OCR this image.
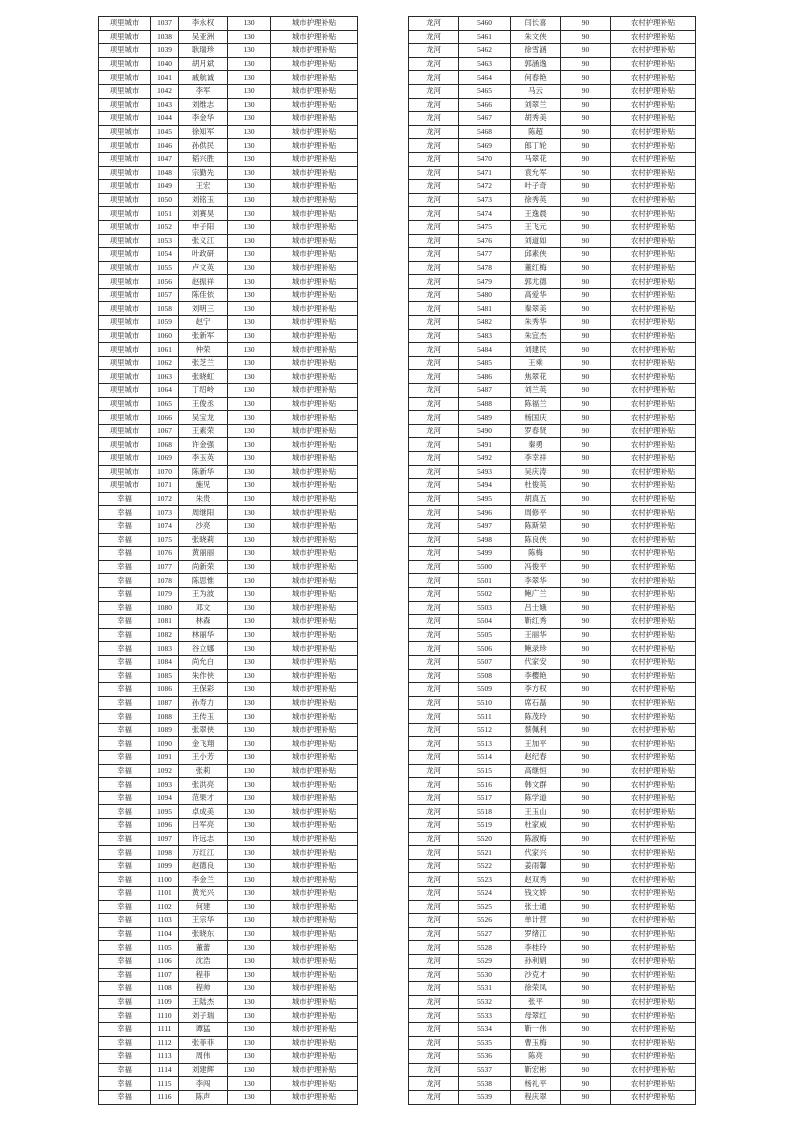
项里城市	1037	李永权	130	城市护理补贴
项里城市	1038	吴亚洲	130	城市护理补贴
项里城市	1039	耿瑞珍	130	城市护理补贴
项里城市	1040	胡月斌	130	城市护理补贴
项里城市	1041	戚航诚	130	城市护理补贴
项里城市	1042	李军	130	城市护理补贴
项里城市	1043	刘维志	130	城市护理补贴
项里城市	1044	李金华	130	城市护理补贴
项里城市	1045	徐知军	130	城市护理补贴
项里城市	1046	孙供民	130	城市护理补贴
项里城市	1047	韬兴胜	130	城市护理补贴
项里城市	1048	宗勤先	130	城市护理补贴
项里城市	1049	王宏	130	城市护理补贴
项里城市	1050	刘铭玉	130	城市护理补贴
项里城市	1051	刘赛昊	130	城市护理补贴
项里城市	1052	申子阳	130	城市护理补贴
项里城市	1053	张义江	130	城市护理补贴
项里城市	1054	叶政研	130	城市护理补贴
项里城市	1055	卢文英	130	城市护理补贴
项里城市	1056	赵振祥	130	城市护理补贴
项里城市	1057	陈佳依	130	城市护理补贴
项里城市	1058	刘明三	130	城市护理补贴
项里城市	1059	赵宁	130	城市护理补贴
项里城市	1060	张新军	130	城市护理补贴
项里城市	1061	仲荣	130	城市护理补贴
项里城市	1062	张芝兰	130	城市护理补贴
项里城市	1063	张晓虹	130	城市护理补贴
项里城市	1064	丁绍岭	130	城市护理补贴
项里城市	1065	王俊丞	130	城市护理补贴
项里城市	1066	吴宝龙	130	城市护理补贴
项里城市	1067	王素荣	130	城市护理补贴
项里城市	1068	许金强	130	城市护理补贴
项里城市	1069	李玉英	130	城市护理补贴
项里城市	1070	陈新华	130	城市护理补贴
项里城市	1071	施见	130	城市护理补贴
幸福	1072	朱贵	130	城市护理补贴
幸福	1073	周继阳	130	城市护理补贴
幸福	1074	沙亮	130	城市护理补贴
幸福	1075	张晓莉	130	城市护理补贴
幸福	1076	黄丽丽	130	城市护理补贴
幸福	1077	尚新荣	130	城市护理补贴
幸福	1078	陈思惟	130	城市护理补贴
幸福	1079	王为波	130	城市护理补贴
幸福	1080	邓文	130	城市护理补贴
幸福	1081	林森	130	城市护理补贴
幸福	1082	林丽华	130	城市护理补贴
幸福	1083	谷立娜	130	城市护理补贴
幸福	1084	尚允白	130	城市护理补贴
幸福	1085	朱作侠	130	城市护理补贴
幸福	1086	王保彩	130	城市护理补贴
幸福	1087	孙寿力	130	城市护理补贴
幸福	1088	王传玉	130	城市护理补贴
幸福	1089	张翠侠	130	城市护理补贴
幸福	1090	金飞翔	130	城市护理补贴
幸福	1091	王小芳	130	城市护理补贴
幸福	1092	张莉	130	城市护理补贴
幸福	1093	张洪亮	130	城市护理补贴
幸福	1094	范果才	130	城市护理补贴
幸福	1095	卓成美	130	城市护理补贴
幸福	1096	吕军亮	130	城市护理补贴
幸福	1097	许远志	130	城市护理补贴
幸福	1098	万红江	130	城市护理补贴
幸福	1099	赵德良	130	城市护理补贴
幸福	1100	李金兰	130	城市护理补贴
幸福	1101	黄光兴	130	城市护理补贴
幸福	1102	何建	130	城市护理补贴
幸福	1103	王宗华	130	城市护理补贴
幸福	1104	张晓东	130	城市护理补贴
幸福	1105	董蕾	130	城市护理补贴
幸福	1106	沈浩	130	城市护理补贴
幸福	1107	程菲	130	城市护理补贴
幸福	1108	程帅	130	城市护理补贴
幸福	1109	王陆杰	130	城市护理补贴
幸福	1110	刘子瑞	130	城市护理补贴
幸福	1111	谭猛	130	城市护理补贴
幸福	1112	张菲菲	130	城市护理补贴
幸福	1113	周伟	130	城市护理补贴
幸福	1114	刘建辉	130	城市护理补贴
幸福	1115	李闯	130	城市护理补贴
幸福	1116	陈声	130	城市护理补贴
龙河	5460	闫长喜	90	农村护理补贴
龙河	5461	朱文侠	90	农村护理补贴
龙河	5462	徐雪涵	90	农村护理补贴
龙河	5463	郭涵逸	90	农村护理补贴
龙河	5464	何春艳	90	农村护理补贴
龙河	5465	马云	90	农村护理补贴
龙河	5466	刘翠兰	90	农村护理补贴
龙河	5467	胡秀美	90	农村护理补贴
龙河	5468	陈超	90	农村护理补贴
龙河	5469	郎丁轮	90	农村护理补贴
龙河	5470	马翠花	90	农村护理补贴
龙河	5471	袁允军	90	农村护理补贴
龙河	5472	叶子奇	90	农村护理补贴
龙河	5473	徐秀英	90	农村护理补贴
龙河	5474	王逸晨	90	农村护理补贴
龙河	5475	王飞元	90	农村护理补贴
龙河	5476	刘道如	90	农村护理补贴
龙河	5477	邱素侠	90	农村护理补贴
龙河	5478	董红梅	90	农村护理补贴
龙河	5479	郭尤德	90	农村护理补贴
龙河	5480	高爱华	90	农村护理补贴
龙河	5481	秦翠美	90	农村护理补贴
龙河	5482	朱秀华	90	农村护理补贴
龙河	5483	朱宜杰	90	农村护理补贴
龙河	5484	刘建民	90	农村护理补贴
龙河	5485	王乘	90	农村护理补贴
龙河	5486	焦翠花	90	农村护理补贴
龙河	5487	刘兰英	90	农村护理补贴
龙河	5488	陈福兰	90	农村护理补贴
龙河	5489	杨国庆	90	农村护理补贴
龙河	5490	罗春贤	90	农村护理补贴
龙河	5491	秦勇	90	农村护理补贴
龙河	5492	李幸祥	90	农村护理补贴
龙河	5493	吴庆涛	90	农村护理补贴
龙河	5494	杜俊英	90	农村护理补贴
龙河	5495	胡真五	90	农村护理补贴
龙河	5496	周修平	90	农村护理补贴
龙河	5497	陈斯荣	90	农村护理补贴
龙河	5498	陈良侠	90	农村护理补贴
龙河	5499	陈梅	90	农村护理补贴
龙河	5500	冯俊平	90	农村护理补贴
龙河	5501	李翠华	90	农村护理补贴
龙河	5502	鲍广兰	90	农村护理补贴
龙河	5503	吕士娥	90	农村护理补贴
龙河	5504	靳红秀	90	农村护理补贴
龙河	5505	王丽华	90	农村护理补贴
龙河	5506	鲍录珍	90	农村护理补贴
龙河	5507	代家安	90	农村护理补贴
龙河	5508	李樱艳	90	农村护理补贴
龙河	5509	李方权	90	农村护理补贴
龙河	5510	席石磊	90	农村护理补贴
龙河	5511	陈茂玲	90	农村护理补贴
龙河	5512	蔡佩利	90	农村护理补贴
龙河	5513	王加平	90	农村护理补贴
龙河	5514	赵纪春	90	农村护理补贴
龙河	5515	高继恒	90	农村护理补贴
龙河	5516	韩文群	90	农村护理补贴
龙河	5517	陈学道	90	农村护理补贴
龙河	5518	王玉山	90	农村护理补贴
龙河	5519	杜家威	90	农村护理补贴
龙河	5520	陈淑梅	90	农村护理补贴
龙河	5521	代家兴	90	农村护理补贴
龙河	5522	姜雨馨	90	农村护理补贴
龙河	5523	赵双秀	90	农村护理补贴
龙河	5524	钱文娇	90	农村护理补贴
龙河	5525	张士通	90	农村护理补贴
龙河	5526	单计营	90	农村护理补贴
龙河	5527	罗绪江	90	农村护理补贴
龙河	5528	李桂玲	90	农村护理补贴
龙河	5529	孙利娟	90	农村护理补贴
龙河	5530	沙克才	90	农村护理补贴
龙河	5531	徐荣凤	90	农村护理补贴
龙河	5532	张平	90	农村护理补贴
龙河	5533	母翠红	90	农村护理补贴
龙河	5534	靳一伟	90	农村护理补贴
龙河	5535	曹玉梅	90	农村护理补贴
龙河	5536	陈亮	90	农村护理补贴
龙河	5537	靳宏彬	90	农村护理补贴
龙河	5538	杨礼平	90	农村护理补贴
龙河	5539	程庆翠	90	农村护理补贴
